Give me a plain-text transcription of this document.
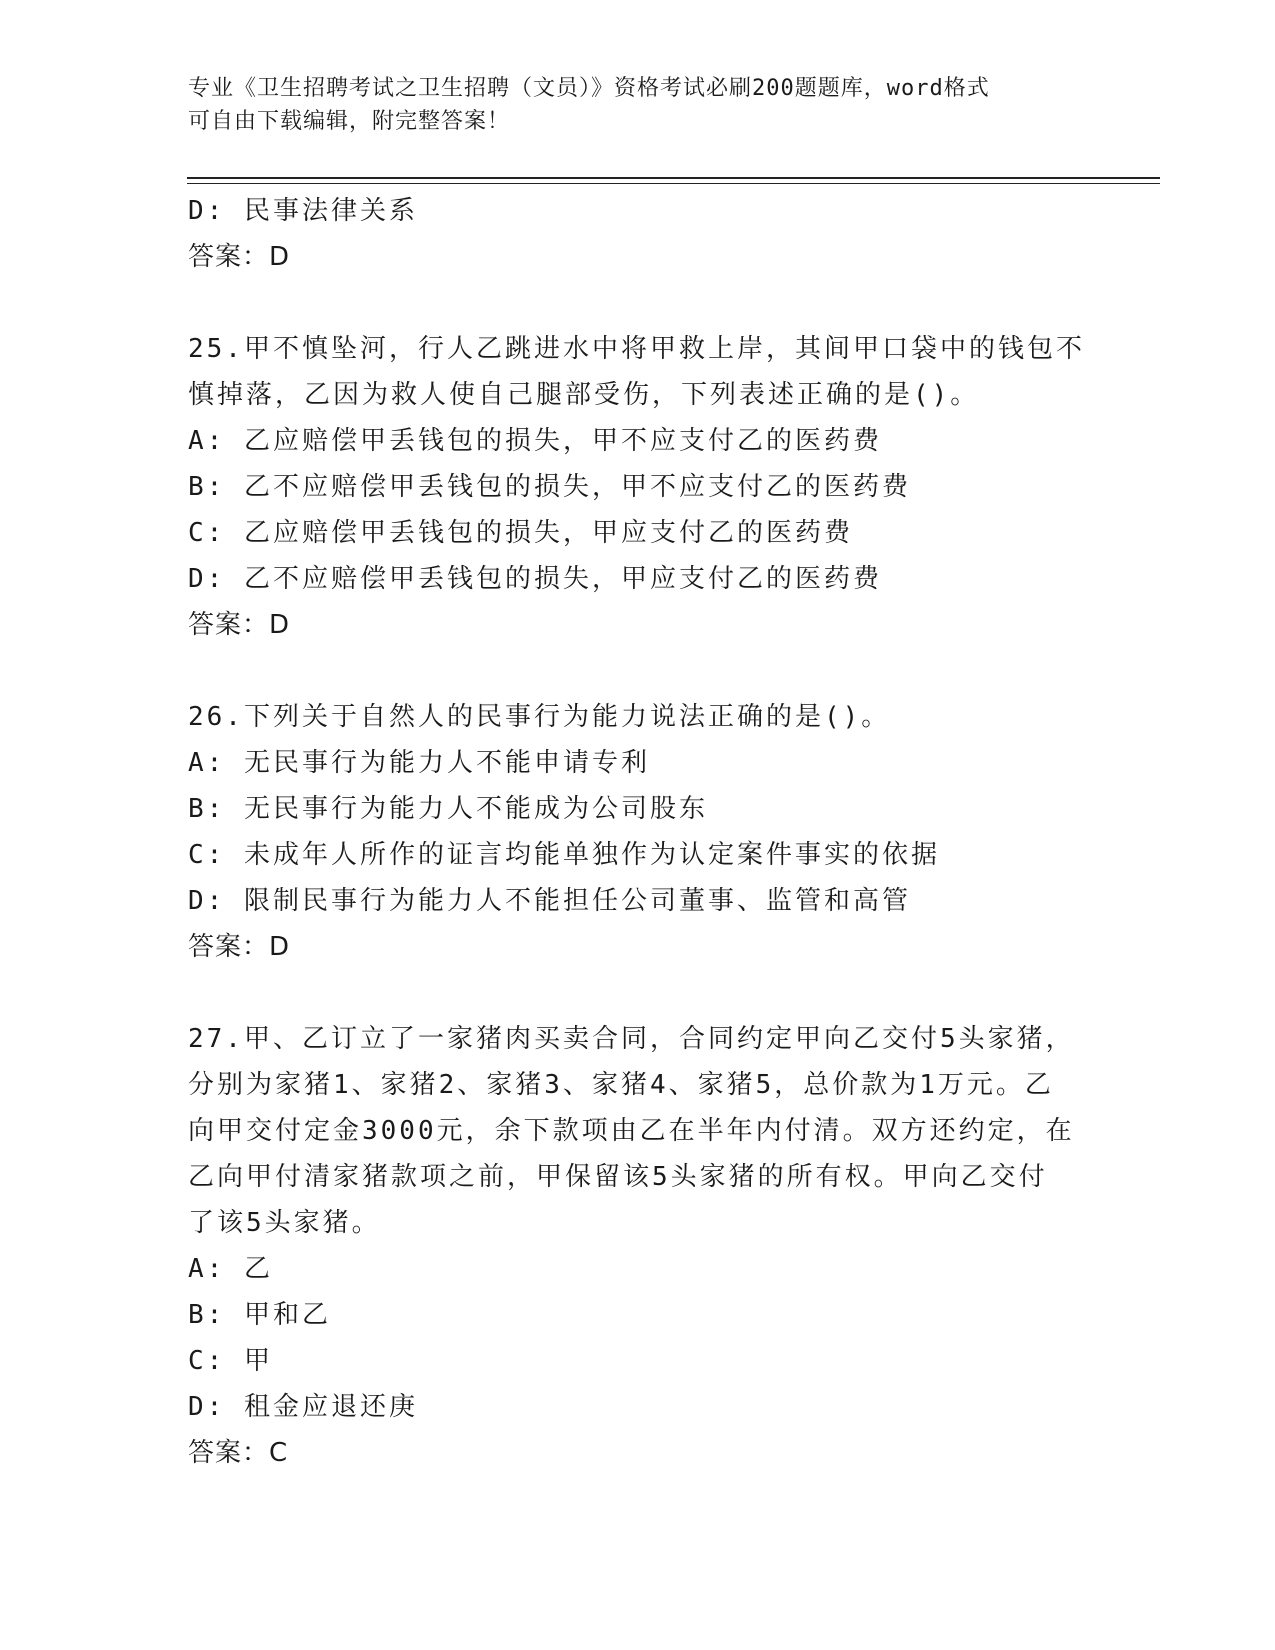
专业《卫生招聘考试之卫生招聘（文员）》资格考试必刷200题题库，word格式
可自由下载编辑，附完整答案！
D: 民事法律关系
答案：D
25.甲不慎坠河，行人乙跳进水中将甲救上岸，其间甲口袋中的钱包不
慎掉落，乙因为救人使自己腿部受伤，下列表述正确的是()。
A: 乙应赔偿甲丢钱包的损失，甲不应支付乙的医药费
B: 乙不应赔偿甲丢钱包的损失，甲不应支付乙的医药费
C: 乙应赔偿甲丢钱包的损失，甲应支付乙的医药费
D: 乙不应赔偿甲丢钱包的损失，甲应支付乙的医药费
答案：D
26.下列关于自然人的民事行为能力说法正确的是()。
A: 无民事行为能力人不能申请专利
B: 无民事行为能力人不能成为公司股东
C: 未成年人所作的证言均能单独作为认定案件事实的依据
D: 限制民事行为能力人不能担任公司董事、监管和高管
答案：D
27.甲、乙订立了一家猪肉买卖合同，合同约定甲向乙交付5头家猪，
分别为家猪1、家猪2、家猪3、家猪4、家猪5，总价款为1万元。乙
向甲交付定金3000元，余下款项由乙在半年内付清。双方还约定，在
乙向甲付清家猪款项之前，甲保留该5头家猪的所有权。甲向乙交付
了该5头家猪。
A: 乙
B: 甲和乙
C: 甲
D: 租金应退还庚
答案：C
